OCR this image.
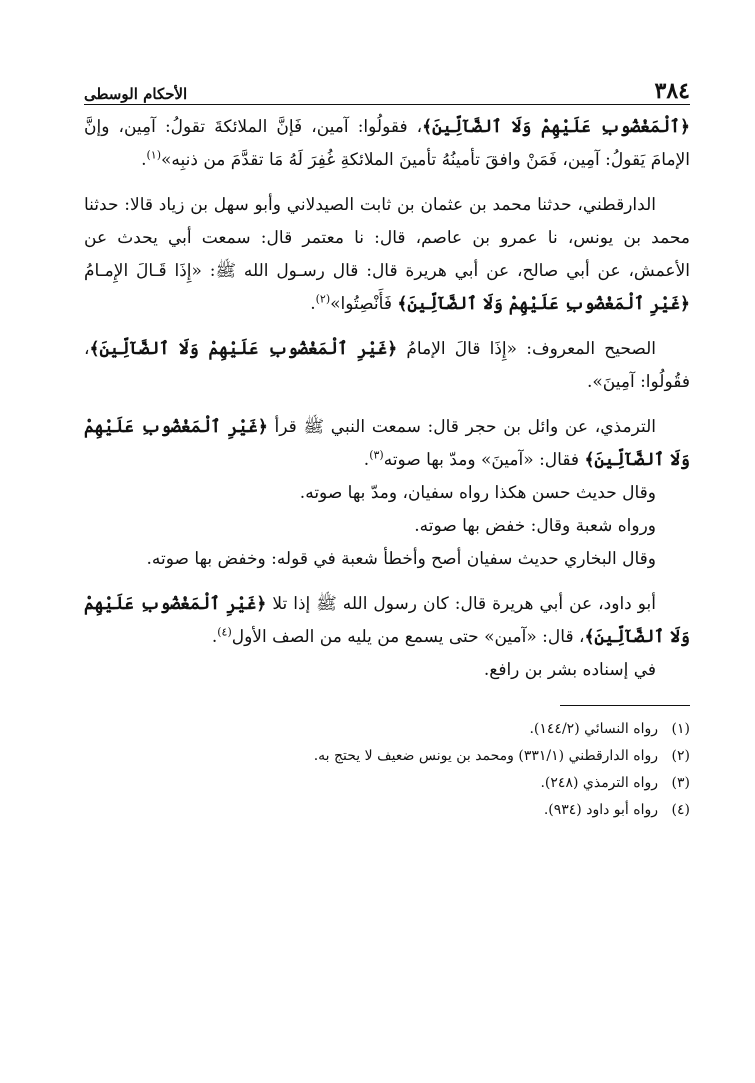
٣٨٤
الأحكام الوسطى

﴿ٱلْمَغْضُوبِ عَلَيْهِمْ وَلَا ٱلضَّآلِّينَ﴾، فقولُوا: آمين، فَإنَّ الملائكةَ تقولُ: آمِين، وإنَّ الإمامَ يَقولُ: آمِين، فَمَنْ وافقَ تأمينُهُ تأمينَ الملائكةِ غُفِرَ لَهُ مَا تقدَّمَ من ذنبِه»$^{(١)}$.

الدارقطني، حدثنا محمد بن عثمان بن ثابت الصيدلاني وأبو سهل بن زياد قالا: حدثنا محمد بن يونس، نا عمرو بن عاصم، قال: نا معتمر قال: سمعت أبي يحدث عن الأعمش، عن أبي صالح، عن أبي هريرة قال: قال رسـول الله ﷺ: «إِذَا قَـالَ الإِمـامُ ﴿غَيْرِ ٱلْمَغْضُوبِ عَلَيْهِمْ وَلَا ٱلضَّآلِّينَ﴾ فَأَنْصِتُوا»$^{(٢)}$.

الصحيح المعروف: «إِذَا قالَ الإمامُ ﴿غَيْرِ ٱلْمَغْضُوبِ عَلَيْهِمْ وَلَا ٱلضَّآلِّينَ﴾، فقُولُوا: آمِينَ».

الترمذي، عن وائل بن حجر قال: سمعت النبي ﷺ قرأ ﴿غَيْرِ ٱلْمَغْضُوبِ عَلَيْهِمْ وَلَا ٱلضَّآلِّينَ﴾ فقال: «آمينَ» ومدّ بها صوته$^{(٣)}$.

وقال حديث حسن هكذا رواه سفيان، ومدّ بها صوته.

ورواه شعبة وقال: خفض بها صوته.

وقال البخاري حديث سفيان أصح وأخطأ شعبة في قوله: وخفض بها صوته.

أبو داود، عن أبي هريرة قال: كان رسول الله ﷺ إذا تلا ﴿غَيْرِ ٱلْمَغْضُوبِ عَلَيْهِمْ وَلَا ٱلضَّآلِّينَ﴾، قال: «آمين» حتى يسمع من يليه من الصف الأول$^{(٤)}$.

في إسناده بشر بن رافع.

(١)
رواه النسائي (١٤٤/٢).
(٢)
رواه الدارقطني (٣٣١/١) ومحمد بن يونس ضعيف لا يحتج به.
(٣)
رواه الترمذي (٢٤٨).
(٤)
رواه أبو داود (٩٣٤).
